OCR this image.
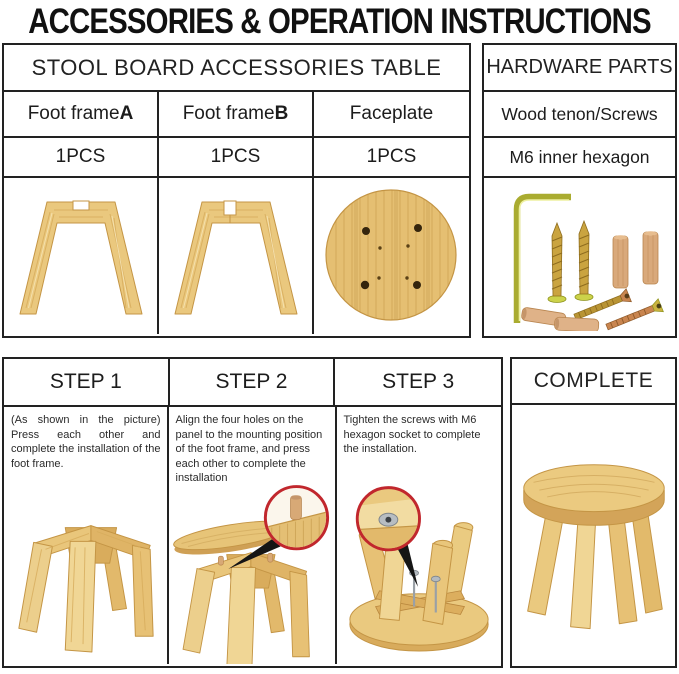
ACCESSORIES & OPERATION INSTRUCTIONS
STOOL BOARD ACCESSORIES TABLE
Foot frame A	Foot frame B	Faceplate
1PCS	1PCS	1PCS
HARDWARE PARTS
Wood tenon/Screws
M6 inner hexagon
STEP 1	STEP 2	STEP 3
(As shown in the picture) Press each other and complete the installation of the foot frame.
Align the four holes on the panel to the mounting position of the foot frame, and press each other to complete the installation
Tighten the screws with M6 hexagon socket to complete the installation.
COMPLETE
